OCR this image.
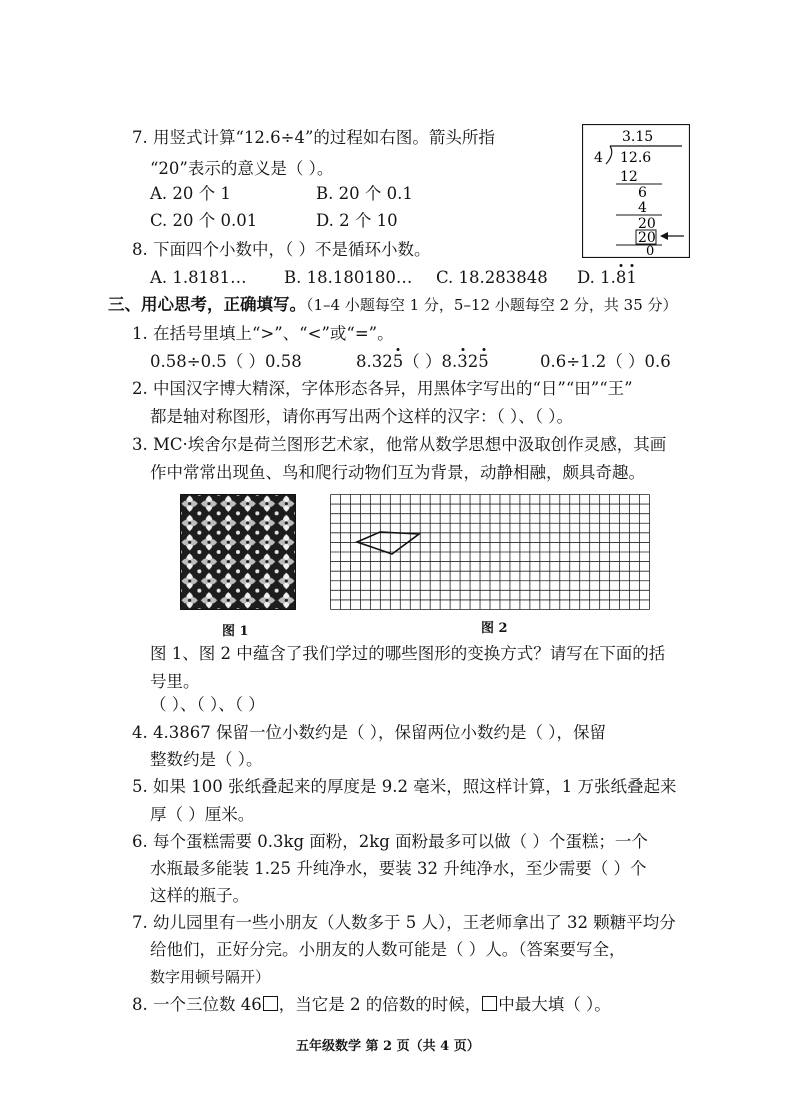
7. 用竖式计算“12.6÷4”的过程如右图。箭头所指
“20”表示的意义是（ ）。
A. 20 个 1	B. 20 个 0.1
C. 20 个 0.01	D. 2 个 10
3.15
4 12.6
12
6
4
20
20
0
8. 下面四个小数中，（ ）不是循环小数。
A. 1.8181… B. 18.180180… C. 18.283848 D. 1.81
三、用心思考，正确填写。（1–4 小题每空 1 分，5–12 小题每空 2 分，共 35 分）
1. 在括号里填上“>”、“<”或“=”。
0.58÷0.5（ ）0.58	8.325（ ）8.325	0.6÷1.2（ ）0.6
2. 中国汉字博大精深，字体形态各异，用黑体字写出的“日”“田”“王”
都是轴对称图形，请你再写出两个这样的汉字：（ ）、（ ）。
3. MC·埃舍尔是荷兰图形艺术家，他常从数学思想中汲取创作灵感，其画
作中常常出现鱼、鸟和爬行动物们互为背景，动静相融，颇具奇趣。
图 1	图 2
图 1、图 2 中蕴含了我们学过的哪些图形的变换方式？请写在下面的括
号里。
（ ）、（ ）、（ ）
4. 4.3867 保留一位小数约是（ ），保留两位小数约是（ ），保留
整数约是（ ）。
5. 如果 100 张纸叠起来的厚度是 9.2 毫米，照这样计算，1 万张纸叠起来
厚（ ）厘米。
6. 每个蛋糕需要 0.3kg 面粉，2kg 面粉最多可以做（ ）个蛋糕；一个
水瓶最多能装 1.25 升纯净水，要装 32 升纯净水，至少需要（ ）个
这样的瓶子。
7. 幼儿园里有一些小朋友（人数多于 5 人），王老师拿出了 32 颗糖平均分
给他们，正好分完。小朋友的人数可能是（ ）人。（答案要写全，
数字用顿号隔开）
8. 一个三位数 46 ，当它是 2 的倍数的时候， 中最大填（ ）。
五年级数学 第 2 页（共 4 页）
